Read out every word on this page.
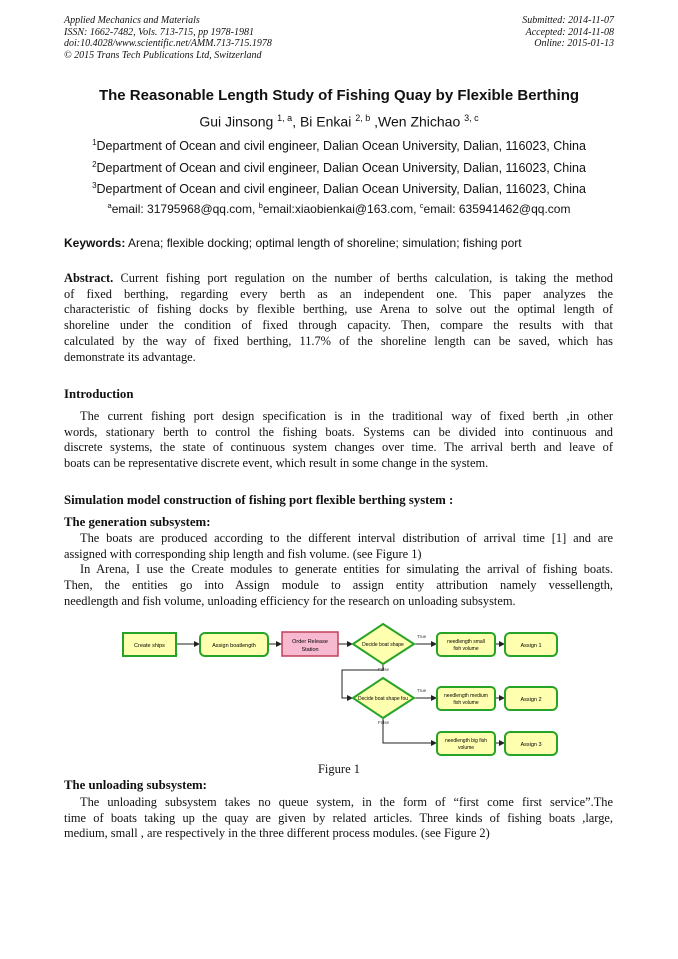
Applied Mechanics and Materials
ISSN: 1662-7482, Vols. 713-715, pp 1978-1981
doi:10.4028/www.scientific.net/AMM.713-715.1978
© 2015 Trans Tech Publications Ltd, Switzerland
Submitted: 2014-11-07
Accepted: 2014-11-08
Online: 2015-01-13
The Reasonable Length Study of Fishing Quay by Flexible Berthing
Gui Jinsong $^{1, a}$, Bi Enkai $^{2, b}$ ,Wen Zhichao $^{3, c}$
$^1$Department of Ocean and civil engineer, Dalian Ocean University, Dalian, 116023, China
$^2$Department of Ocean and civil engineer, Dalian Ocean University, Dalian, 116023, China
$^3$Department of Ocean and civil engineer, Dalian Ocean University, Dalian, 116023, China
$^a$email: 31795968@qq.com, $^b$email:xiaobienkai@163.com, $^c$email: 635941462@qq.com
Keywords: Arena; flexible docking; optimal length of shoreline; simulation; fishing port
Abstract. Current fishing port regulation on the number of berths calculation, is taking the method
of fixed berthing, regarding every berth as an independent one. This paper analyzes the
characteristic of fishing docks by flexible berthing, use Arena to solve out the optimal length of
shoreline under the condition of fixed through capacity. Then, compare the results with that
calculated by the way of fixed berthing, 11.7% of the shoreline length can be saved, which has
demonstrate its advantage.
Introduction
The current fishing port design specification is in the traditional way of fixed berth ,in other
words, stationary berth to control the fishing boats. Systems can be divided into continuous and
discrete systems, the state of continuous system changes over time. The arrival berth and leave of
boats can be representative discrete event, which result in some change in the system.
Simulation model construction of fishing port flexible berthing system :
The generation subsystem:
The boats are produced according to the different interval distribution of arrival time [1] and are
assigned with corresponding ship length and fish volume. (see Figure 1)
In Arena, I use the Create modules to generate entities for simulating the arrival of fishing boats.
Then, the entities go into Assign module to assign entity attribution namely vessellength,
needlength and fish volume, unloading efficiency for the research on unloading subsystem.
True
False
True
False
Create ships	Assign boatlength
Order Release
Station
Decide boat shape	needlength small
fish volume	Assign 1
Decide boat shape fou	needlength medium
fish volume	Assign 2
needlength big fish
volume	Assign 3
Figure 1
The unloading subsystem:
The unloading subsystem takes no queue system, in the form of “first come first service”.The
time of boats taking up the quay are given by related articles. Three kinds of fishing boats ,large,
medium, small , are respectively in the three different process modules. (see Figure 2)
